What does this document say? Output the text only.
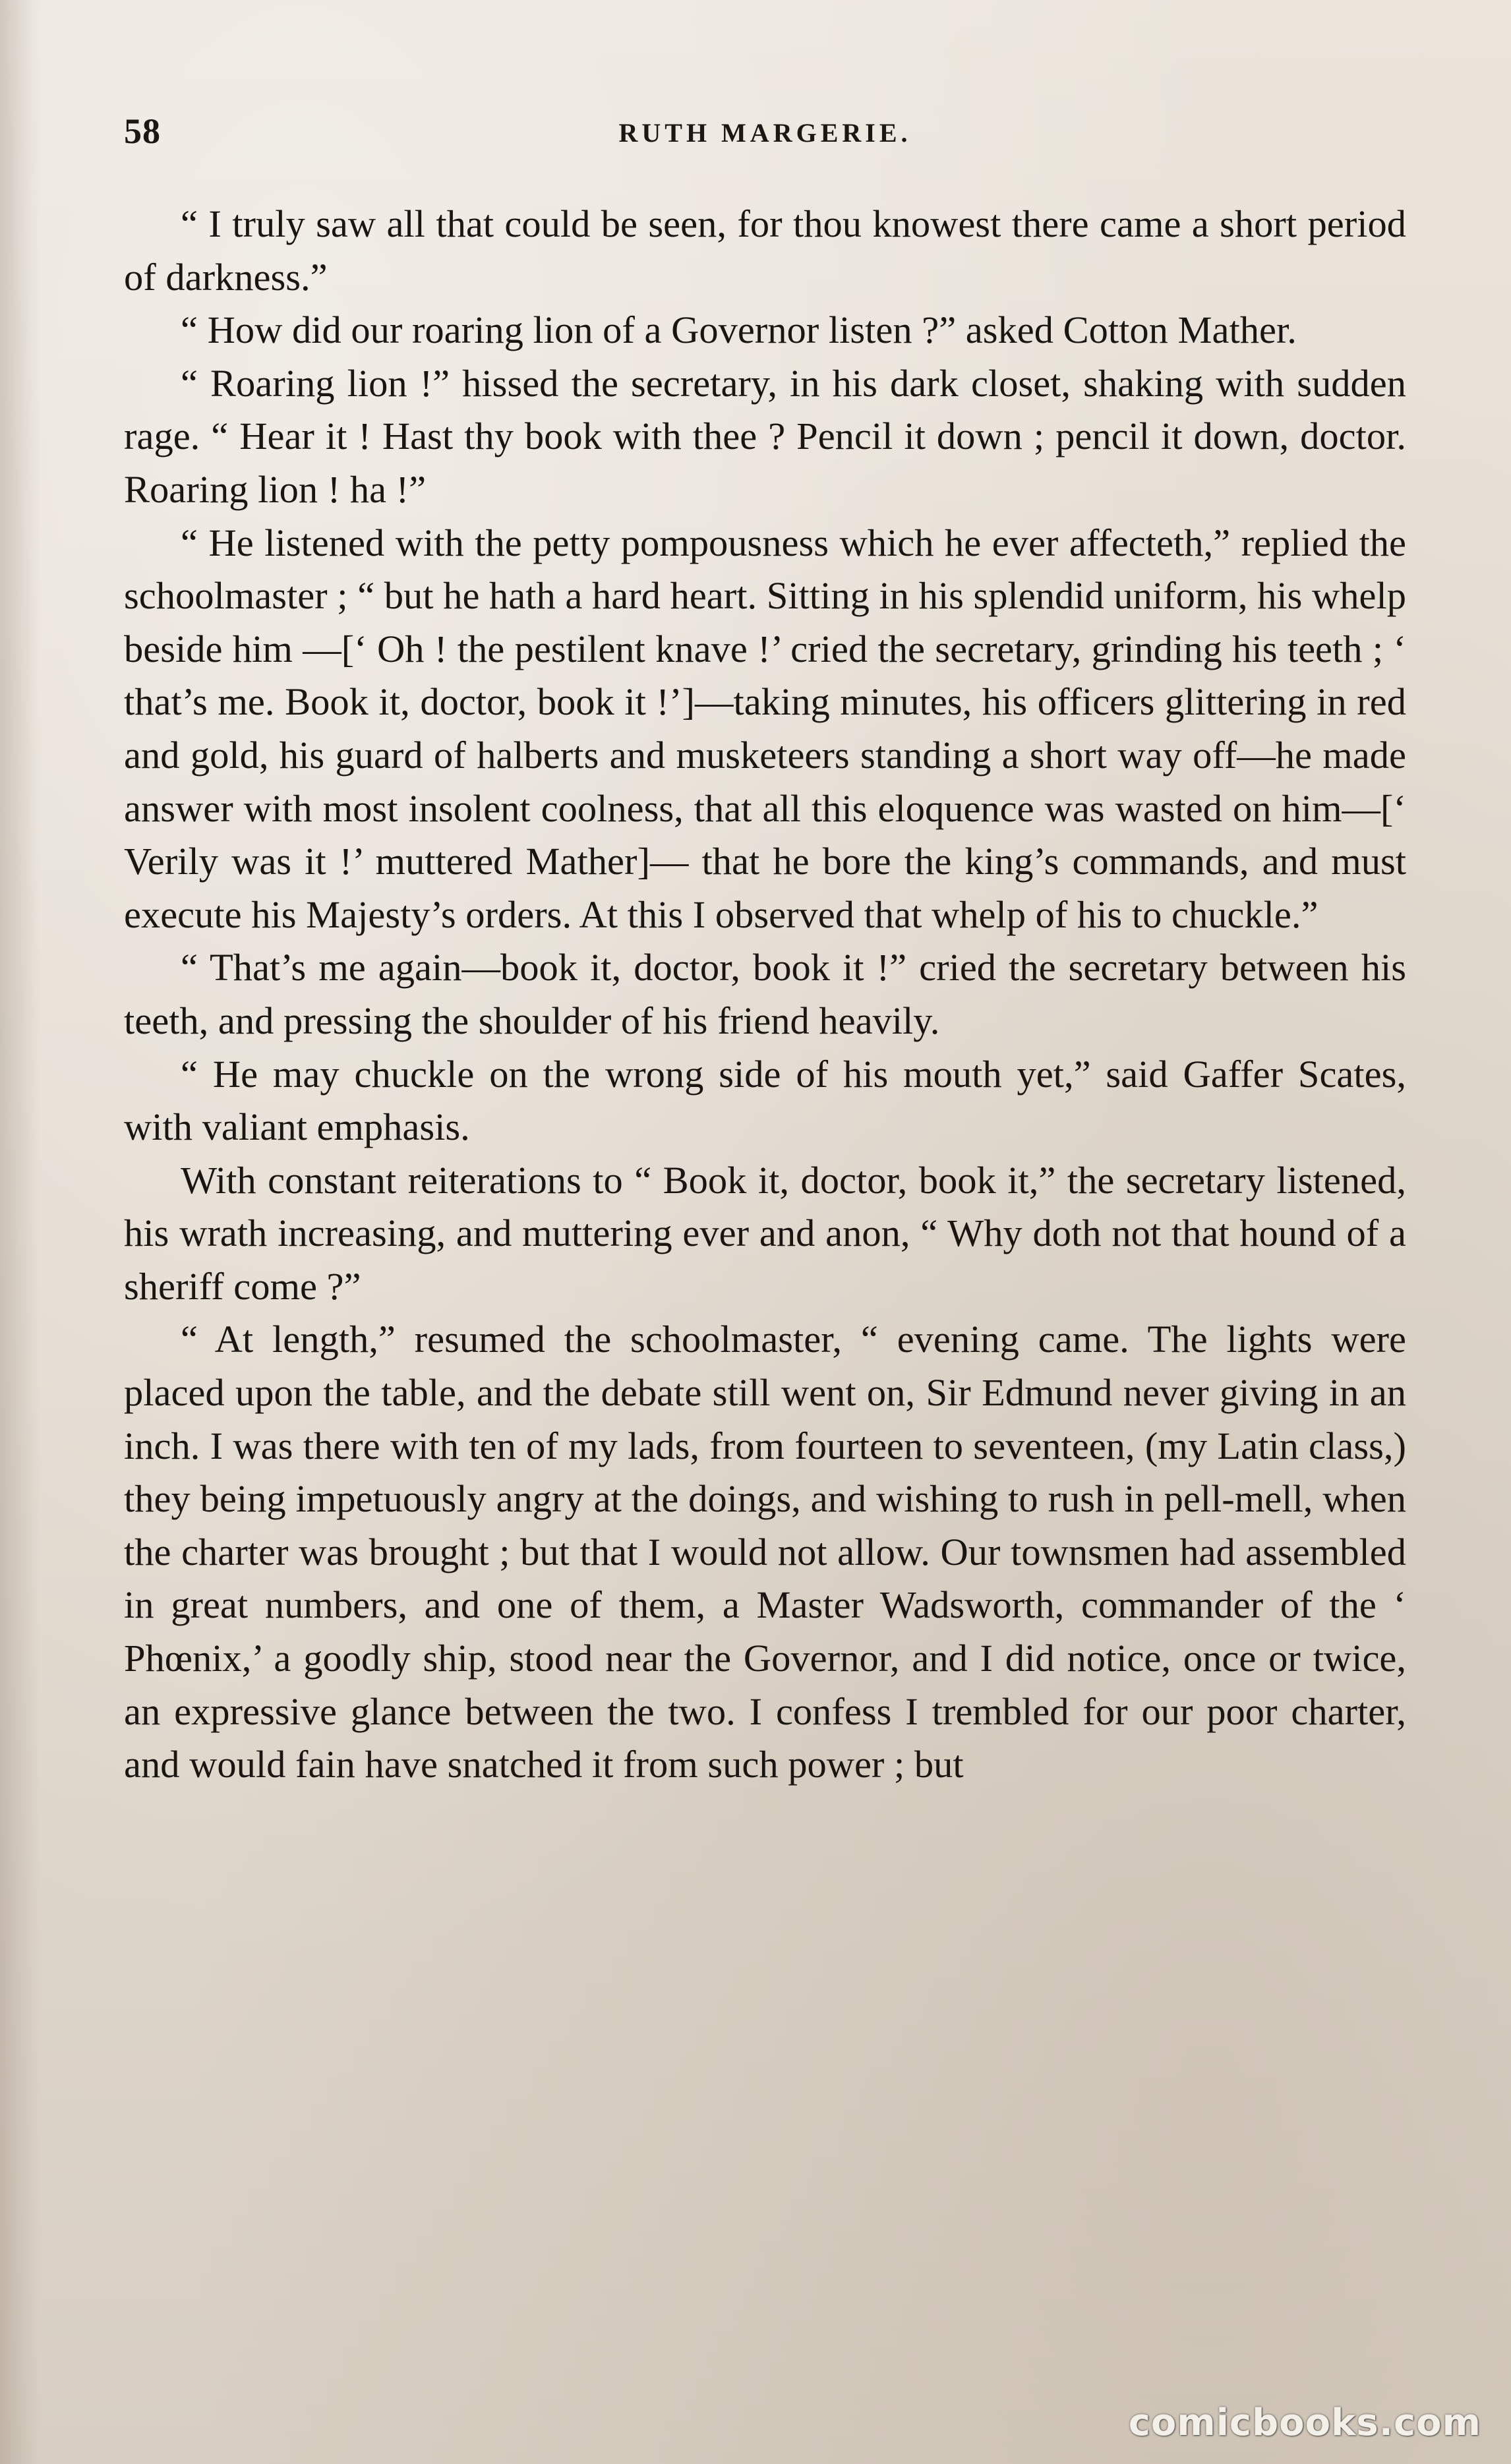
58	RUTH MARGERIE.

“ I truly saw all that could be seen, for thou knowest there came a short period of darkness.”

“ How did our roaring lion of a Governor listen ?” asked Cotton Mather.

“ Roaring lion !” hissed the secretary, in his dark closet, shaking with sudden rage. “ Hear it ! Hast thy book with thee ? Pencil it down ; pencil it down, doctor. Roaring lion ! ha !”

“ He listened with the petty pompousness which he ever affecteth,” replied the schoolmaster ; “ but he hath a hard heart. Sitting in his splendid uniform, his whelp beside him —[‘ Oh ! the pestilent knave !’ cried the secretary, grinding his teeth ; ‘ that’s me. Book it, doctor, book it !’]—taking minutes, his officers glittering in red and gold, his guard of halberts and musketeers standing a short way off—he made answer with most insolent coolness, that all this eloquence was wasted on him—[‘ Verily was it !’ muttered Mather]— that he bore the king’s commands, and must execute his Majesty’s orders. At this I observed that whelp of his to chuckle.”

“ That’s me again—book it, doctor, book it !” cried the secretary between his teeth, and pressing the shoulder of his friend heavily.

“ He may chuckle on the wrong side of his mouth yet,” said Gaffer Scates, with valiant emphasis.

With constant reiterations to “ Book it, doctor, book it,” the secretary listened, his wrath increasing, and muttering ever and anon, “ Why doth not that hound of a sheriff come ?”

“ At length,” resumed the schoolmaster, “ evening came. The lights were placed upon the table, and the debate still went on, Sir Edmund never giving in an inch. I was there with ten of my lads, from fourteen to seventeen, (my Latin class,) they being impetuously angry at the doings, and wishing to rush in pell-mell, when the charter was brought ; but that I would not allow. Our townsmen had assembled in great numbers, and one of them, a Master Wadsworth, commander of the ‘ Phœnix,’ a goodly ship, stood near the Governor, and I did notice, once or twice, an expressive glance between the two. I confess I trembled for our poor charter, and would fain have snatched it from such power ; but

comicbooks.com
